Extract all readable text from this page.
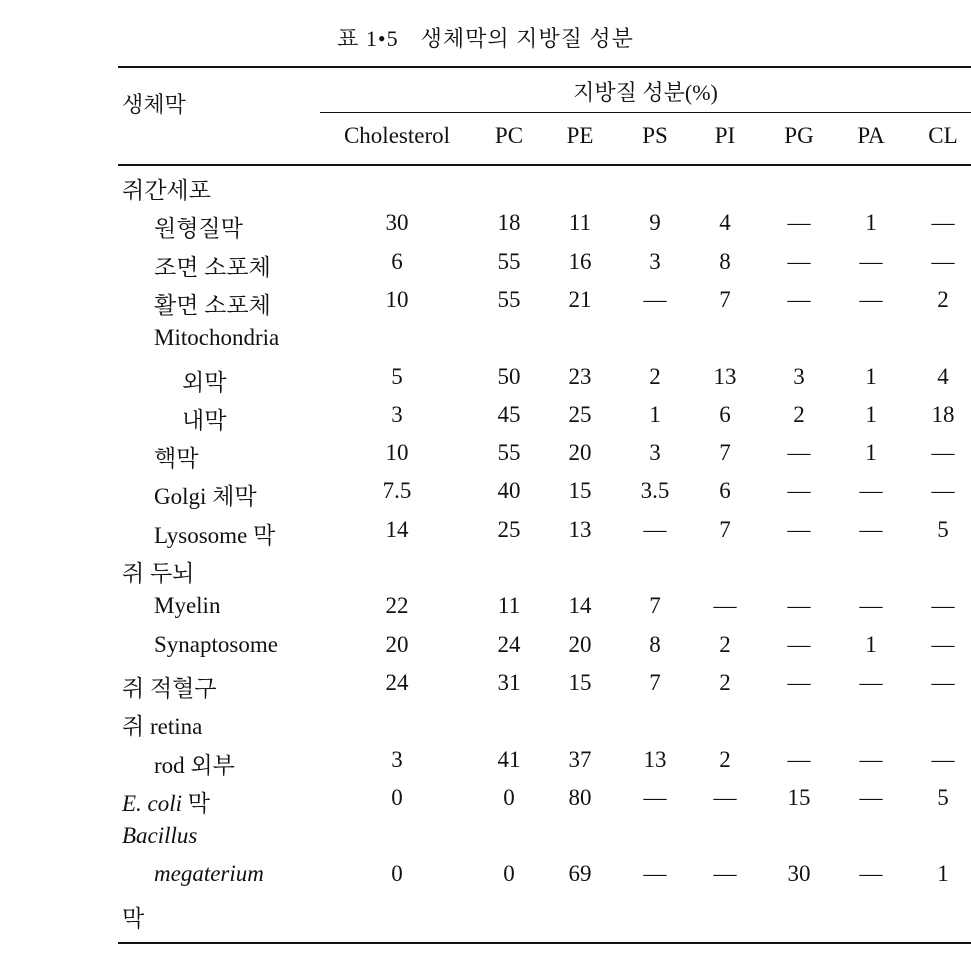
표 1•5 생체막의 지방질 성분
생체막	지방질 성분(%)
Cholesterol	PC	PE	PS	PI	PG	PA	CL
쥐간세포
원형질막	30	18	11	9	4	—	1	—
조면 소포체	6	55	16	3	8	—	—	—
활면 소포체	10	55	21	—	7	—	—	2
Mitochondria
외막	5	50	23	2	13	3	1	4
내막	3	45	25	1	6	2	1	18
핵막	10	55	20	3	7	—	1	—
Golgi 체막	7.5	40	15	3.5	6	—	—	—
Lysosome 막	14	25	13	—	7	—	—	5
쥐 두뇌
Myelin	22	11	14	7	—	—	—	—
Synaptosome	20	24	20	8	2	—	1	—
쥐 적혈구	24	31	15	7	2	—	—	—
쥐 retina
rod 외부	3	41	37	13	2	—	—	—
E. coli 막	0	0	80	—	—	15	—	5
Bacillus
megaterium	0	0	69	—	—	30	—	1
막
